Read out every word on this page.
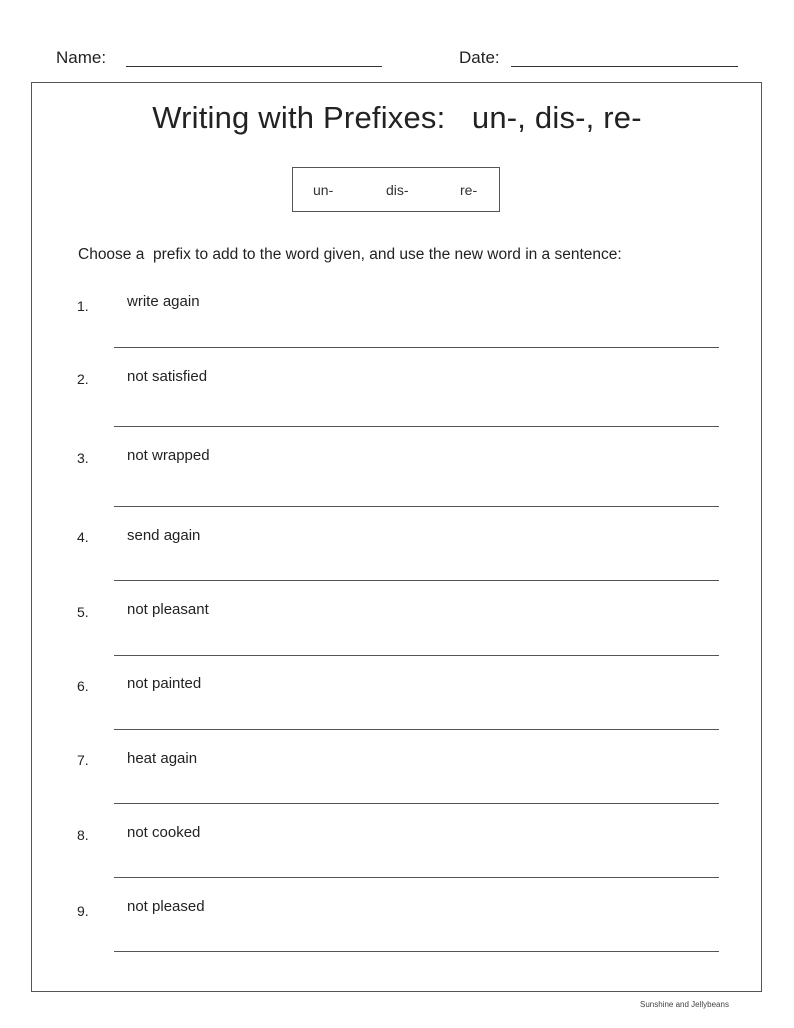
Name:	Date:
Writing with Prefixes:   un-, dis-, re-
un-	dis-	re-
Choose a  prefix to add to the word given, and use the new word in a sentence:
1.	write again
2.	not satisfied
3.	not wrapped
4.	send again
5.	not pleasant
6.	not painted
7.	heat again
8.	not cooked
9.	not pleased
Sunshine and Jellybeans
